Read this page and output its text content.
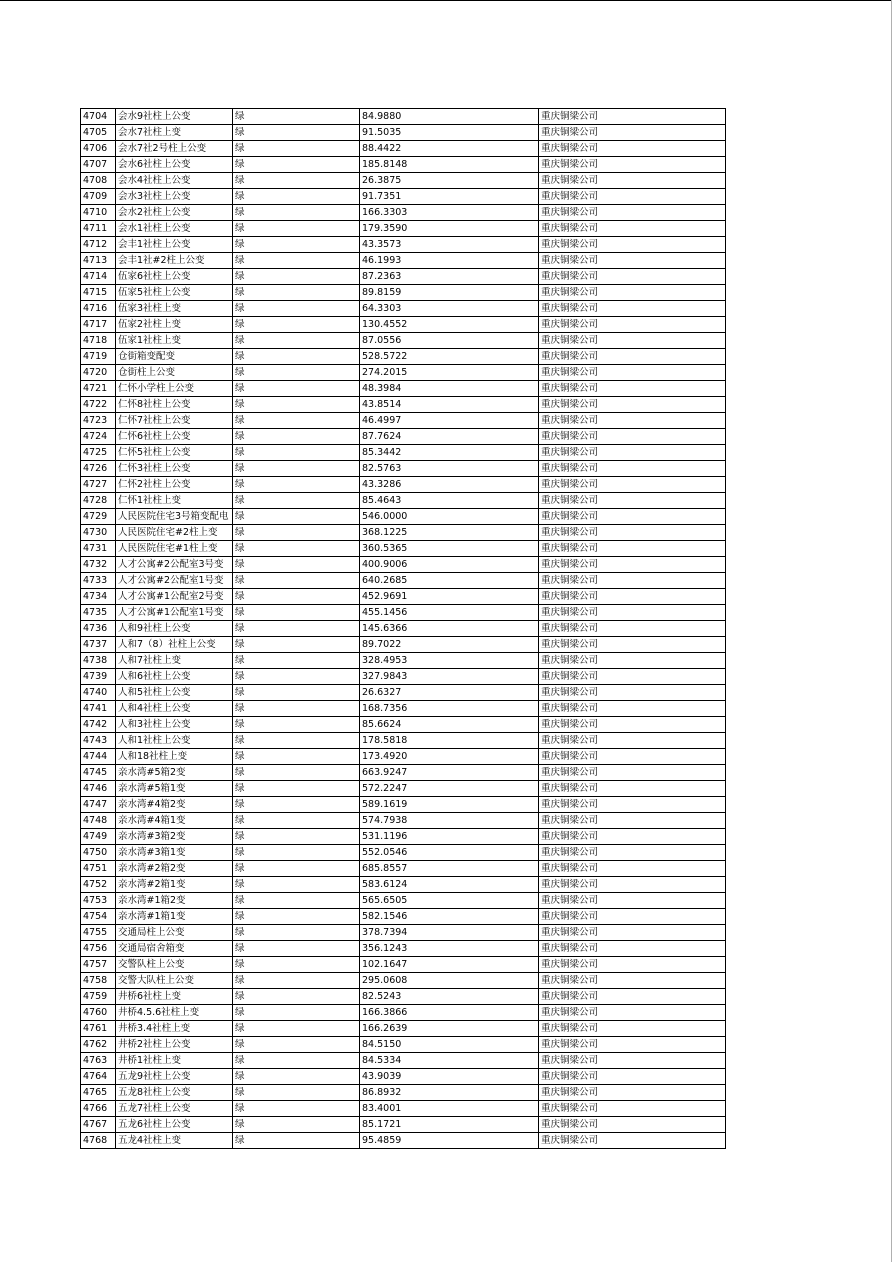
4704	会水9社柱上公变	绿	84.9880	重庆铜梁公司
4705	会水7社柱上变	绿	91.5035	重庆铜梁公司
4706	会水7社2号柱上公变	绿	88.4422	重庆铜梁公司
4707	会水6社柱上公变	绿	185.8148	重庆铜梁公司
4708	会水4社柱上公变	绿	26.3875	重庆铜梁公司
4709	会水3社柱上公变	绿	91.7351	重庆铜梁公司
4710	会水2社柱上公变	绿	166.3303	重庆铜梁公司
4711	会水1社柱上公变	绿	179.3590	重庆铜梁公司
4712	会丰1社柱上公变	绿	43.3573	重庆铜梁公司
4713	会丰1社#2柱上公变	绿	46.1993	重庆铜梁公司
4714	伍家6社柱上公变	绿	87.2363	重庆铜梁公司
4715	伍家5社柱上公变	绿	89.8159	重庆铜梁公司
4716	伍家3社柱上变	绿	64.3303	重庆铜梁公司
4717	伍家2社柱上变	绿	130.4552	重庆铜梁公司
4718	伍家1社柱上变	绿	87.0556	重庆铜梁公司
4719	仓街箱变配变	绿	528.5722	重庆铜梁公司
4720	仓街柱上公变	绿	274.2015	重庆铜梁公司
4721	仁怀小学柱上公变	绿	48.3984	重庆铜梁公司
4722	仁怀8社柱上公变	绿	43.8514	重庆铜梁公司
4723	仁怀7社柱上公变	绿	46.4997	重庆铜梁公司
4724	仁怀6社柱上公变	绿	87.7624	重庆铜梁公司
4725	仁怀5社柱上公变	绿	85.3442	重庆铜梁公司
4726	仁怀3社柱上公变	绿	82.5763	重庆铜梁公司
4727	仁怀2社柱上公变	绿	43.3286	重庆铜梁公司
4728	仁怀1社柱上变	绿	85.4643	重庆铜梁公司
4729	人民医院住宅3号箱变配电	绿	546.0000	重庆铜梁公司
4730	人民医院住宅#2柱上变	绿	368.1225	重庆铜梁公司
4731	人民医院住宅#1柱上变	绿	360.5365	重庆铜梁公司
4732	人才公寓#2公配室3号变	绿	400.9006	重庆铜梁公司
4733	人才公寓#2公配室1号变	绿	640.2685	重庆铜梁公司
4734	人才公寓#1公配室2号变	绿	452.9691	重庆铜梁公司
4735	人才公寓#1公配室1号变	绿	455.1456	重庆铜梁公司
4736	人和9社柱上公变	绿	145.6366	重庆铜梁公司
4737	人和7（8）社柱上公变	绿	89.7022	重庆铜梁公司
4738	人和7社柱上变	绿	328.4953	重庆铜梁公司
4739	人和6社柱上公变	绿	327.9843	重庆铜梁公司
4740	人和5社柱上公变	绿	26.6327	重庆铜梁公司
4741	人和4社柱上公变	绿	168.7356	重庆铜梁公司
4742	人和3社柱上公变	绿	85.6624	重庆铜梁公司
4743	人和1社柱上公变	绿	178.5818	重庆铜梁公司
4744	人和18社柱上变	绿	173.4920	重庆铜梁公司
4745	亲水湾#5箱2变	绿	663.9247	重庆铜梁公司
4746	亲水湾#5箱1变	绿	572.2247	重庆铜梁公司
4747	亲水湾#4箱2变	绿	589.1619	重庆铜梁公司
4748	亲水湾#4箱1变	绿	574.7938	重庆铜梁公司
4749	亲水湾#3箱2变	绿	531.1196	重庆铜梁公司
4750	亲水湾#3箱1变	绿	552.0546	重庆铜梁公司
4751	亲水湾#2箱2变	绿	685.8557	重庆铜梁公司
4752	亲水湾#2箱1变	绿	583.6124	重庆铜梁公司
4753	亲水湾#1箱2变	绿	565.6505	重庆铜梁公司
4754	亲水湾#1箱1变	绿	582.1546	重庆铜梁公司
4755	交通局柱上公变	绿	378.7394	重庆铜梁公司
4756	交通局宿舍箱变	绿	356.1243	重庆铜梁公司
4757	交警队柱上公变	绿	102.1647	重庆铜梁公司
4758	交警大队柱上公变	绿	295.0608	重庆铜梁公司
4759	井桥6社柱上变	绿	82.5243	重庆铜梁公司
4760	井桥4.5.6社柱上变	绿	166.3866	重庆铜梁公司
4761	井桥3.4社柱上变	绿	166.2639	重庆铜梁公司
4762	井桥2社柱上公变	绿	84.5150	重庆铜梁公司
4763	井桥1社柱上变	绿	84.5334	重庆铜梁公司
4764	五龙9社柱上公变	绿	43.9039	重庆铜梁公司
4765	五龙8社柱上公变	绿	86.8932	重庆铜梁公司
4766	五龙7社柱上公变	绿	83.4001	重庆铜梁公司
4767	五龙6社柱上公变	绿	85.1721	重庆铜梁公司
4768	五龙4社柱上变	绿	95.4859	重庆铜梁公司
